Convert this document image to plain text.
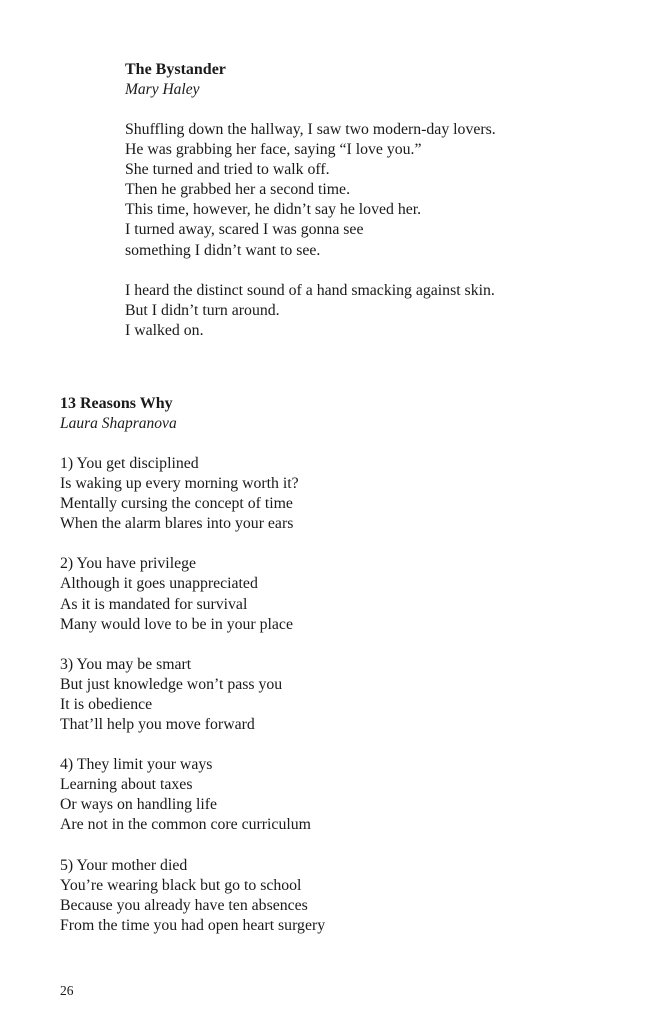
The Bystander

Mary Haley

Shuffling down the hallway, I saw two modern-day lovers.
He was grabbing her face, saying “I love you.”
She turned and tried to walk off.
Then he grabbed her a second time.
This time, however, he didn’t say he loved her.
I turned away, scared I was gonna see
something I didn’t want to see.
I heard the distinct sound of a hand smacking against skin.
But I didn’t turn around.
I walked on.

13 Reasons Why

Laura Shapranova

1) You get disciplined
Is waking up every morning worth it?
Mentally cursing the concept of time
When the alarm blares into your ears
2) You have privilege
Although it goes unappreciated
As it is mandated for survival
Many would love to be in your place
3) You may be smart
But just knowledge won’t pass you
It is obedience
That’ll help you move forward
4) They limit your ways
Learning about taxes
Or ways on handling life
Are not in the common core curriculum
5) Your mother died
You’re wearing black but go to school
Because you already have ten absences
From the time you had open heart surgery
26
